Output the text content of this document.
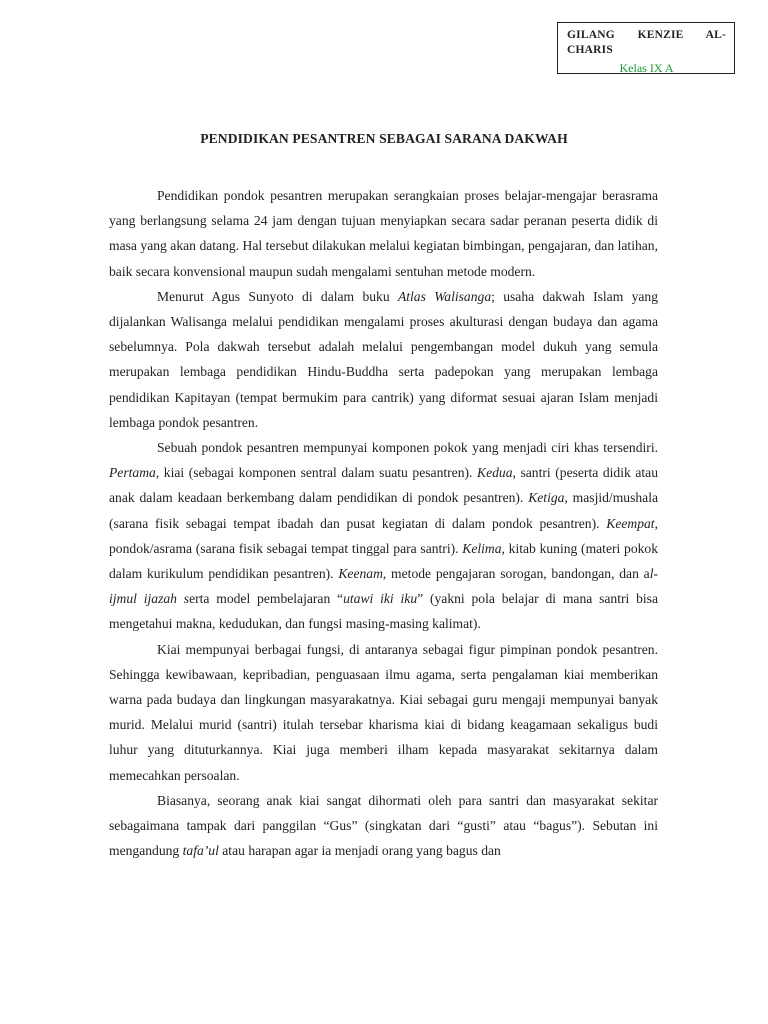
GILANG KENZIE AL-CHARIS
Kelas IX A
PENDIDIKAN PESANTREN SEBAGAI SARANA DAKWAH

Pendidikan pondok pesantren merupakan serangkaian proses belajar-mengajar berasrama yang berlangsung selama 24 jam dengan tujuan menyiapkan secara sadar peranan peserta didik di masa yang akan datang. Hal tersebut dilakukan melalui kegiatan bimbingan, pengajaran, dan latihan, baik secara konvensional maupun sudah mengalami sentuhan metode modern.

Menurut Agus Sunyoto di dalam buku Atlas Walisanga; usaha dakwah Islam yang dijalankan Walisanga melalui pendidikan mengalami proses akulturasi dengan budaya dan agama sebelumnya. Pola dakwah tersebut adalah melalui pengembangan model dukuh yang semula merupakan lembaga pendidikan Hindu-Buddha serta padepokan yang merupakan lembaga pendidikan Kapitayan (tempat bermukim para cantrik) yang diformat sesuai ajaran Islam menjadi lembaga pondok pesantren.

Sebuah pondok pesantren mempunyai komponen pokok yang menjadi ciri khas tersendiri. Pertama, kiai (sebagai komponen sentral dalam suatu pesantren). Kedua, santri (peserta didik atau anak dalam keadaan berkembang dalam pendidikan di pondok pesantren). Ketiga, masjid/mushala (sarana fisik sebagai tempat ibadah dan pusat kegiatan di dalam pondok pesantren). Keempat, pondok/asrama (sarana fisik sebagai tempat tinggal para santri). Kelima, kitab kuning (materi pokok dalam kurikulum pendidikan pesantren). Keenam, metode pengajaran sorogan, bandongan, dan al-ijmul ijazah serta model pembelajaran “utawi iki iku” (yakni pola belajar di mana santri bisa mengetahui makna, kedudukan, dan fungsi masing-masing kalimat).

Kiai mempunyai berbagai fungsi, di antaranya sebagai figur pimpinan pondok pesantren. Sehingga kewibawaan, kepribadian, penguasaan ilmu agama, serta pengalaman kiai memberikan warna pada budaya dan lingkungan masyarakatnya. Kiai sebagai guru mengaji mempunyai banyak murid. Melalui murid (santri) itulah tersebar kharisma kiai di bidang keagamaan sekaligus budi luhur yang dituturkannya. Kiai juga memberi ilham kepada masyarakat sekitarnya dalam memecahkan persoalan.

Biasanya, seorang anak kiai sangat dihormati oleh para santri dan masyarakat sekitar sebagaimana tampak dari panggilan “Gus” (singkatan dari “gusti” atau “bagus”). Sebutan ini mengandung tafa’ul atau harapan agar ia menjadi orang yang bagus dan
